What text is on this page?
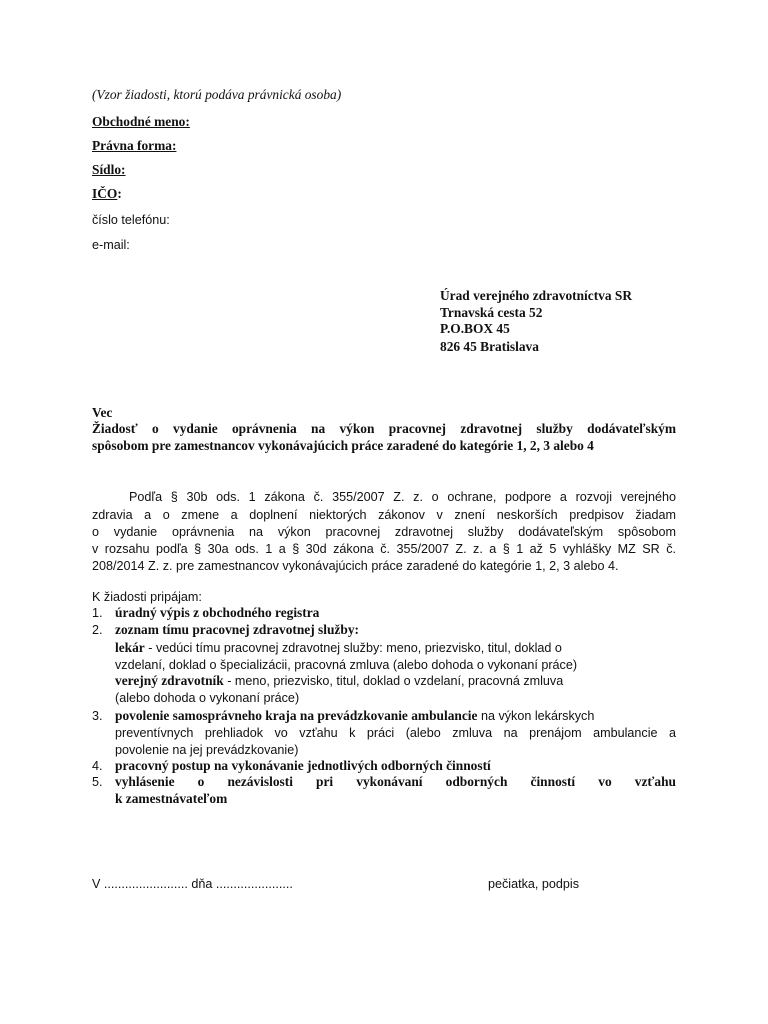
(Vzor žiadosti, ktorú podáva právnická osoba)
Obchodné meno:
Právna forma:
Sídlo:
IČO:
číslo telefónu:
e-mail:
Úrad verejného zdravotníctva SR
Trnavská cesta 52
P.O.BOX 45
826 45 Bratislava
Vec
Žiadosť o vydanie oprávnenia na výkon pracovnej zdravotnej služby dodávateľským
spôsobom pre zamestnancov vykonávajúcich práce zaradené do kategórie 1, 2, 3 alebo 4
Podľa § 30b ods. 1 zákona č. 355/2007 Z. z. o ochrane, podpore a rozvoji verejného
zdravia a o zmene a doplnení niektorých zákonov v znení neskorších predpisov žiadam
o vydanie oprávnenia na výkon pracovnej zdravotnej služby dodávateľským spôsobom
v rozsahu podľa § 30a ods. 1 a § 30d zákona č. 355/2007 Z. z. a § 1 až 5 vyhlášky MZ SR č.
208/2014 Z. z. pre zamestnancov vykonávajúcich práce zaradené do kategórie 1, 2, 3 alebo 4.
K žiadosti pripájam:
1. úradný výpis z obchodného registra
2. zoznam tímu pracovnej zdravotnej služby:
lekár - vedúci tímu pracovnej zdravotnej služby: meno, priezvisko, titul, doklad o
vzdelaní, doklad o špecializácii, pracovná zmluva (alebo dohoda o vykonaní práce)
verejný zdravotník - meno, priezvisko, titul, doklad o vzdelaní, pracovná zmluva
(alebo dohoda o vykonaní práce)
3. povolenie samosprávneho kraja na prevádzkovanie ambulancie na výkon lekárskych
preventívnych prehliadok vo vzťahu k práci (alebo zmluva na prenájom ambulancie a
povolenie na jej prevádzkovanie)
4. pracovný postup na vykonávanie jednotlivých odborných činností
5. vyhlásenie o nezávislosti pri vykonávaní odborných činností vo vzťahu
k zamestnávateľom
V ........................ dňa ......................	pečiatka, podpis
